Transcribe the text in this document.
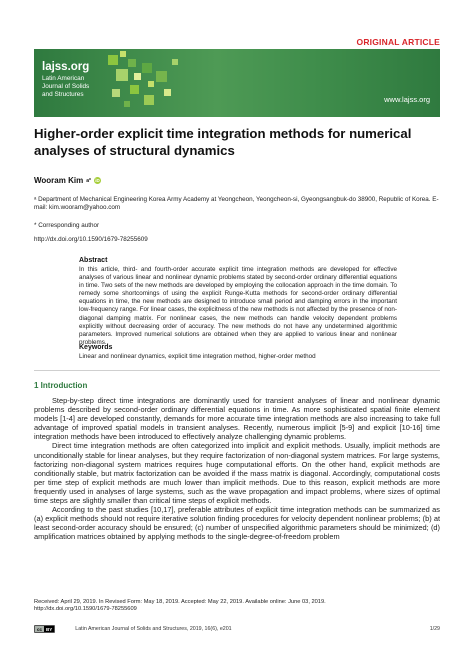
ORIGINAL ARTICLE
lajss.org
Latin American
Journal of Solids
and Structures
www.lajss.org
Higher-order explicit time integration methods for numerical analyses of structural dynamics
Wooram Kim a* iD
ᵃ Department of Mechanical Engineering Korea Army Academy at Yeongcheon, Yeongcheon-si, Gyeongsangbuk-do 38900, Republic of Korea. E-mail: kim.wooram@yahoo.com
* Corresponding author
http://dx.doi.org/10.1590/1679-78255609
Abstract
In this article, third- and fourth-order accurate explicit time integration methods are developed for effective analyses of various linear and nonlinear dynamic problems stated by second-order ordinary differential equations in time. Two sets of the new methods are developed by employing the collocation approach in the time domain. To remedy some shortcomings of using the explicit Runge-Kutta methods for second-order ordinary differential equations in time, the new methods are designed to introduce small period and damping errors in the important low-frequency range. For linear cases, the explicitness of the new methods is not affected by the presence of non-diagonal damping matrix. For nonlinear cases, the new methods can handle velocity dependent problems explicitly without decreasing order of accuracy. The new methods do not have any undetermined algorithmic parameters. Improved numerical solutions are obtained when they are applied to various linear and nonlinear problems.
Keywords
Linear and nonlinear dynamics, explicit time integration method, higher-order method
1 Introduction

Step-by-step direct time integrations are dominantly used for transient analyses of linear and nonlinear dynamic problems described by second-order ordinary differential equations in time. As more sophisticated spatial finite element models [1-4] are developed constantly, demands for more accurate time integration methods are also increasing to take full advantage of improved spatial models in transient analyses. Recently, numerous implicit [5-9] and explicit [10-16] time integration methods have been introduced to effectively analyze challenging dynamic problems.

Direct time integration methods are often categorized into implicit and explicit methods. Usually, implicit methods are unconditionally stable for linear analyses, but they require factorization of non-diagonal system matrices. For large systems, factorizing non-diagonal system matrices requires huge computational efforts. On the other hand, explicit methods are conditionally stable, but matrix factorization can be avoided if the mass matrix is diagonal. Accordingly, computational costs per time step of explicit methods are much lower than implicit methods. Due to this reason, explicit methods are more frequently used in analyses of large systems, such as the wave propagation and impact problems, where sizes of optimal time steps are slightly smaller than critical time steps of explicit methods.

According to the past studies [10,17], preferable attributes of explicit time integration methods can be summarized as (a) explicit methods should not require iterative solution finding procedures for velocity dependent nonlinear problems; (b) at least second-order accuracy should be ensured; (c) number of unspecified algorithmic parameters should be minimized; (d) amplification matrices obtained by applying methods to the single-degree-of-freedom problem

Received: April 29, 2019. In Revised Form: May 18, 2019. Accepted: May 22, 2019. Available online: June 03, 2019.
http://dx.doi.org/10.1590/1679-78255609
cc BY	Latin American Journal of Solids and Structures, 2019, 16(6), e201	1/29
